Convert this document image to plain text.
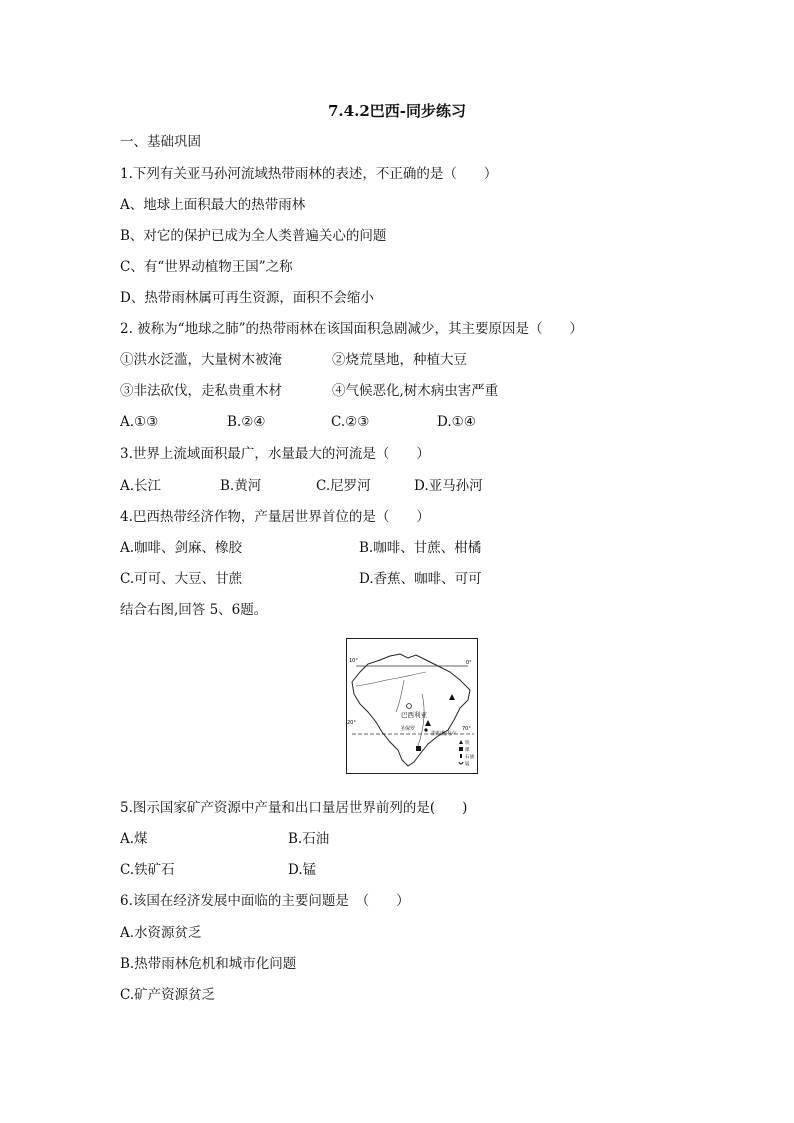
7.4.2巴西-同步练习
一、基础巩固
1.下列有关亚马孙河流域热带雨林的表述，不正确的是（　　）
A、地球上面积最大的热带雨林
B、对它的保护已成为全人类普遍关心的问题
C、有“世界动植物王国”之称
D、热带雨林属可再生资源，面积不会缩小
2. 被称为“地球之肺”的热带雨林在该国面积急剧减少，其主要原因是（　　）
①洪水泛滥，大量树木被淹	②烧荒垦地，种植大豆
③非法砍伐，走私贵重木材	④气候恶化,树木病虫害严重
A.①③	B.②④	C.②③	D.①④
3.世界上流域面积最广，水量最大的河流是（　　）
A.长江	B.黄河	C.尼罗河	D.亚马孙河
4.巴西热带经济作物，产量居世界首位的是（　　）
A.咖啡、剑麻、橡胶	B.咖啡、甘蔗、柑橘
C.可可、大豆、甘蔗	D.香蕉、咖啡、可可
结合右图,回答 5、6题。
10°	0°
20°
70°
巴西利亚
圣保罗
里约热内卢
铁
煤
石油
锰
5.图示国家矿产资源中产量和出口量居世界前列的是(　　)
A.煤	B.石油
C.铁矿石	D.锰
6.该国在经济发展中面临的主要问题是　（　　）
A.水资源贫乏
B.热带雨林危机和城市化问题
C.矿产资源贫乏
